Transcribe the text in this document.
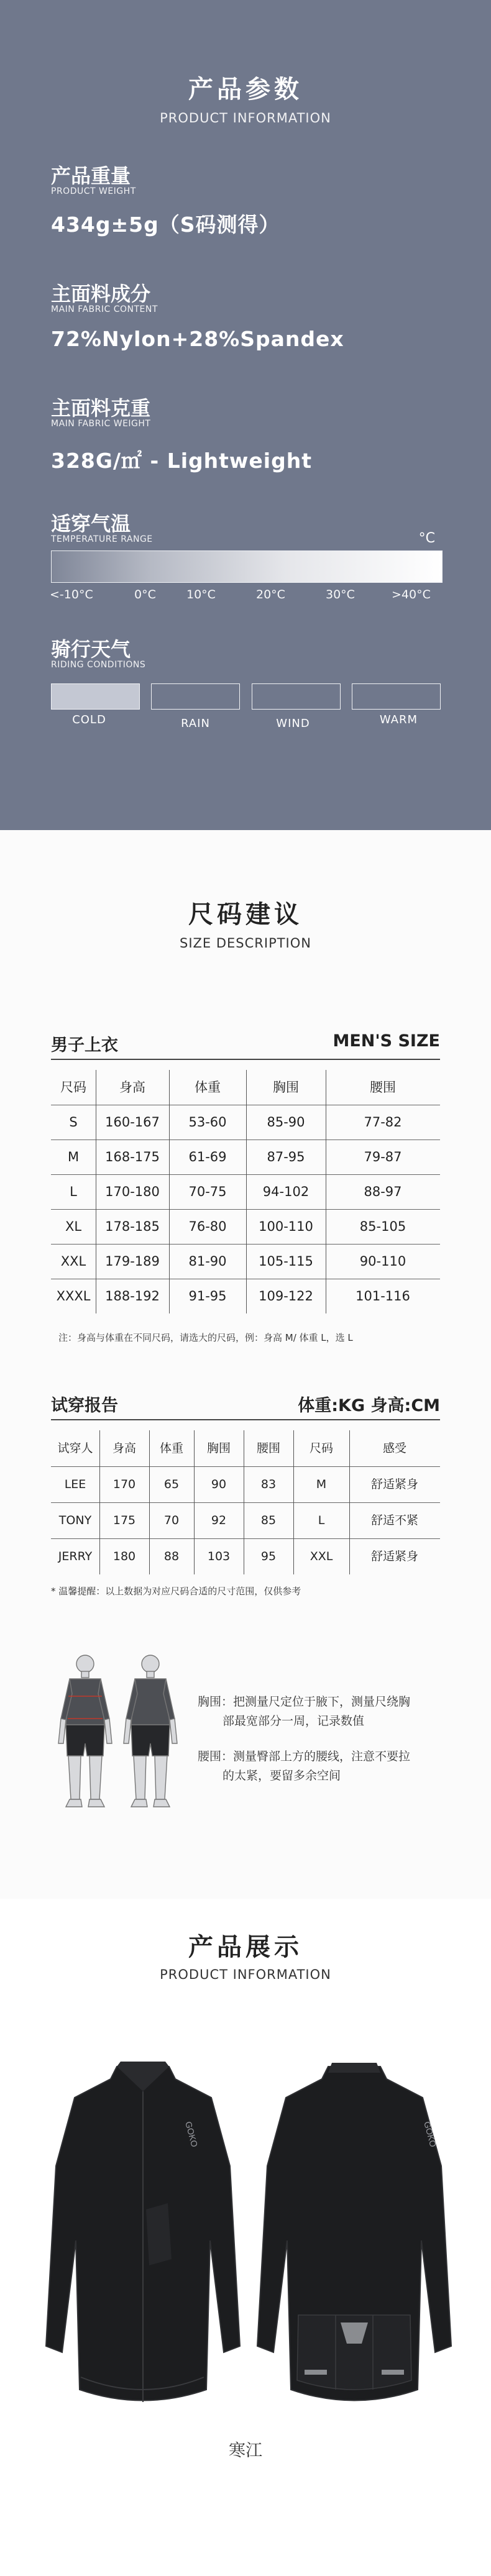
产品参数
PRODUCT INFORMATION
产品重量
PRODUCT WEIGHT
434g±5g（S码测得）
主面料成分
MAIN FABRIC CONTENT
72%Nylon+28%Spandex
主面料克重
MAIN FABRIC WEIGHT
328G/㎡ - Lightweight
适穿气温
TEMPERATURE RANGE	°C
<-10°C	0°C	10°C	20°C	30°C	>40°C
骑行天气
RIDING CONDITIONS
COLD	RAIN	WIND	WARM
尺码建议
SIZE DESCRIPTION
男子上衣	MEN'S SIZE
尺码	身高	体重	胸围	腰围
S	160-167	53-60	85-90	77-82
M	168-175	61-69	87-95	79-87
L	170-180	70-75	94-102	88-97
XL	178-185	76-80	100-110	85-105
XXL	179-189	81-90	105-115	90-110
XXXL	188-192	91-95	109-122	101-116
注：身高与体重在不同尺码，请选大的尺码，例：身高 M/ 体重 L，选 L
试穿报告	体重:KG 身高:CM
试穿人	身高	体重	胸围	腰围	尺码	感受
LEE	170	65	90	83	M	舒适紧身
TONY	175	70	92	85	L	舒适不紧
JERRY	180	88	103	95	XXL	舒适紧身
* 温馨提醒：以上数据为对应尺码合适的尺寸范围，仅供参考
胸围：把测量尺定位于腋下，测量尺绕胸
部最宽部分一周，记录数值
腰围：测量臀部上方的腰线，注意不要拉
的太紧，要留多余空间
产品展示
PRODUCT INFORMATION
GOKO	GOKO
寒江
